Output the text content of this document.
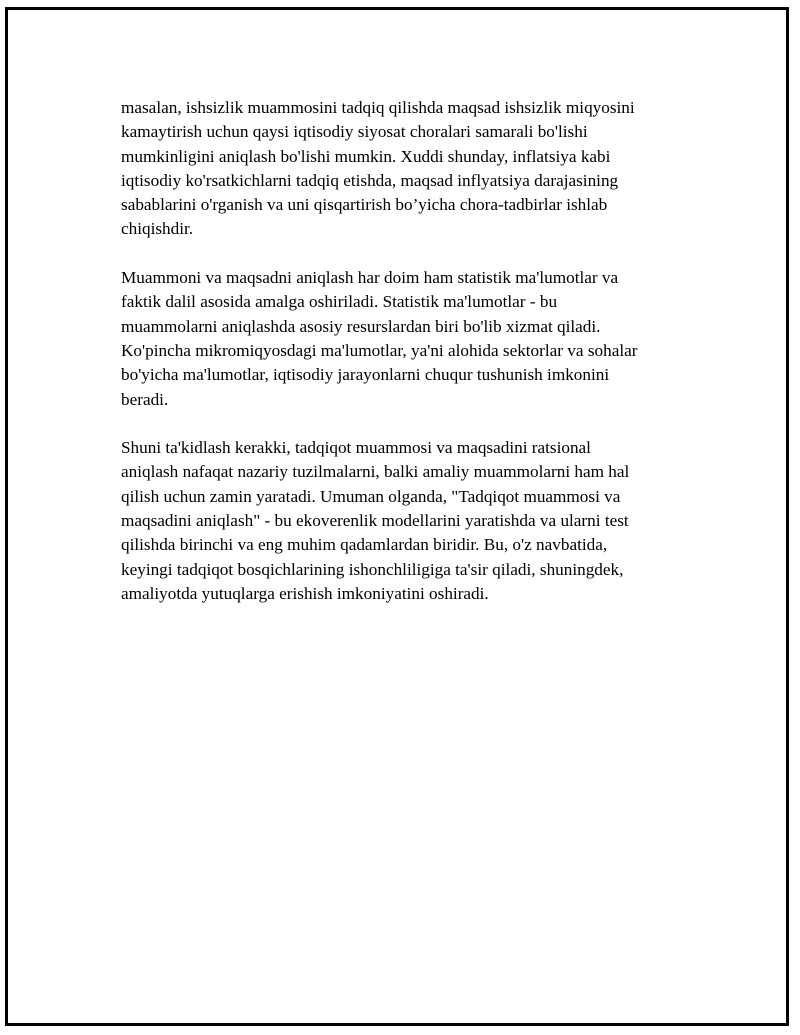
masalan, ishsizlik muammosini tadqiq qilishda maqsad ishsizlik miqyosini
kamaytirish uchun qaysi iqtisodiy siyosat choralari samarali bo'lishi
mumkinligini aniqlash bo'lishi mumkin. Xuddi shunday, inflatsiya kabi
iqtisodiy ko'rsatkichlarni tadqiq etishda, maqsad inflyatsiya darajasining
sabablarini o'rganish va uni qisqartirish bo’yicha chora-tadbirlar ishlab
chiqishdir.

Muammoni va maqsadni aniqlash har doim ham statistik ma'lumotlar va
faktik dalil asosida amalga oshiriladi. Statistik ma'lumotlar - bu
muammolarni aniqlashda asosiy resurslardan biri bo'lib xizmat qiladi.
Ko'pincha mikromiqyosdagi ma'lumotlar, ya'ni alohida sektorlar va sohalar
bo'yicha ma'lumotlar, iqtisodiy jarayonlarni chuqur tushunish imkonini
beradi.

Shuni ta'kidlash kerakki, tadqiqot muammosi va maqsadini ratsional
aniqlash nafaqat nazariy tuzilmalarni, balki amaliy muammolarni ham hal
qilish uchun zamin yaratadi. Umuman olganda, "Tadqiqot muammosi va
maqsadini aniqlash" - bu ekoverenlik modellarini yaratishda va ularni test
qilishda birinchi va eng muhim qadamlardan biridir. Bu, o'z navbatida,
keyingi tadqiqot bosqichlarining ishonchliligiga ta'sir qiladi, shuningdek,
amaliyotda yutuqlarga erishish imkoniyatini oshiradi.
